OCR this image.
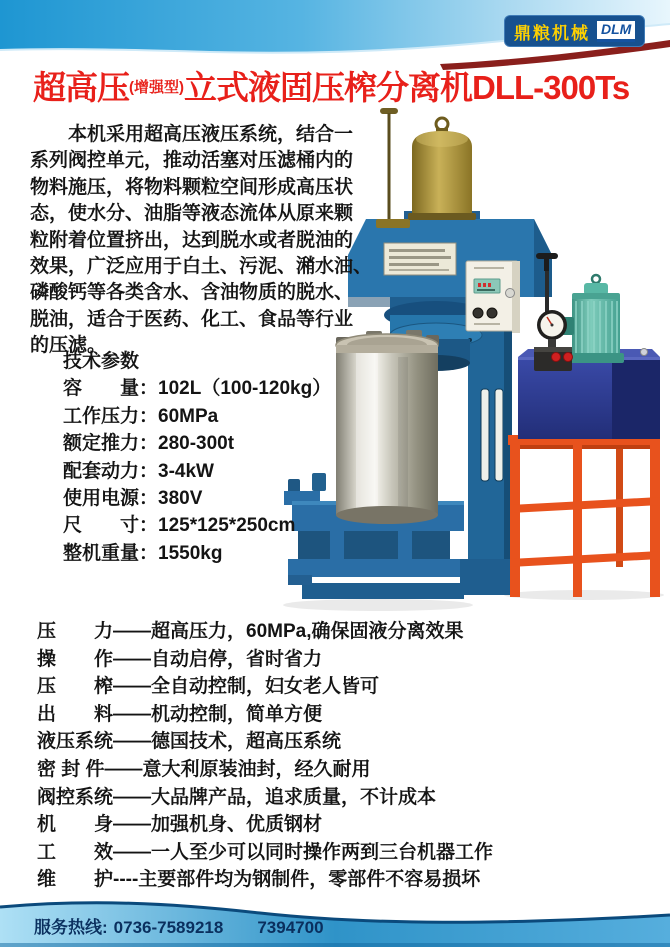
鼎粮机械 DLM
超高压(增强型)立式液固压榨分离机DLL-300Ts
　　本机采用超高压液压系统，结合一
系列阀控单元，推动活塞对压滤桶内的
物料施压，将物料颗粒空间形成高压状
态，使水分、油脂等液态流体从原来颗
粒附着位置挤出，达到脱水或者脱油的
效果，广泛应用于白土、污泥、潲水油、
磷酸钙等各类含水、含油物质的脱水、
脱油，适合于医药、化工、食品等行业
的压滤。
技术参数
容　　量：102L（100-120kg）
工作压力：60MPa
额定推力：280-300t
配套动力：3-4kW
使用电源：380V
尺　　寸：125*125*250cm
整机重量：1550kg
压　　力——超高压力，60MPa,确保固液分离效果
操　　作——自动启停，省时省力
压　　榨——全自动控制，妇女老人皆可
出　　料——机动控制，简单方便
液压系统——德国技术，超高压系统
密 封 件——意大利原装油封，经久耐用
阀控系统——大品牌产品，追求质量，不计成本
机　　身——加强机身、优质钢材
工　　效——一人至少可以同时操作两到三台机器工作
维　　护----主要部件均为钢制件，零部件不容易损坏
服务热线: 0736-7589218 7394700
